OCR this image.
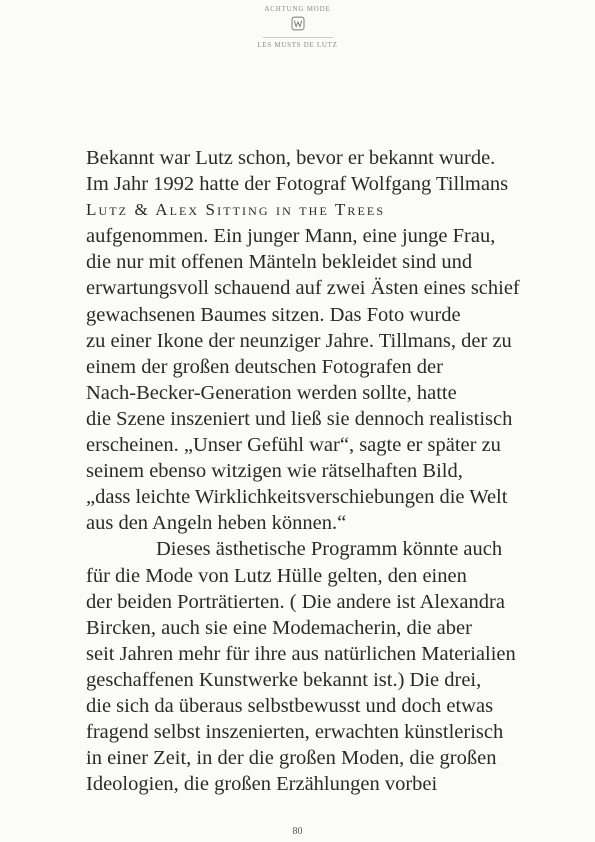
ACHTUNG MODE
LES MUSTS DE LUTZ
Bekannt war Lutz schon, bevor er bekannt wurde.
Im Jahr 1992 hatte der Fotograf Wolfgang Tillmans
Lutz & Alex Sitting in the Trees
aufgenommen. Ein junger Mann, eine junge Frau,
die nur mit offenen Mänteln bekleidet sind und
erwartungsvoll schauend auf zwei Ästen eines schief
gewachsenen Baumes sitzen. Das Foto wurde
zu einer Ikone der neunziger Jahre. Tillmans, der zu
einem der großen deutschen Fotografen der
Nach-Becker-Generation werden sollte, hatte
die Szene inszeniert und ließ sie dennoch realistisch
erscheinen. „Unser Gefühl war“, sagte er später zu
seinem ebenso witzigen wie rätselhaften Bild,
„dass leichte Wirklichkeitsverschiebungen die Welt
aus den Angeln heben können.“
Dieses ästhetische Programm könnte auch
für die Mode von Lutz Hülle gelten, den einen
der beiden Porträtierten. ( Die andere ist Alexandra
Bircken, auch sie eine Modemacherin, die aber
seit Jahren mehr für ihre aus natürlichen Materialien
geschaffenen Kunstwerke bekannt ist.) Die drei,
die sich da überaus selbstbewusst und doch etwas
fragend selbst inszenierten, erwachten künstlerisch
in einer Zeit, in der die großen Moden, die großen
Ideologien, die großen Erzählungen vorbei
80
